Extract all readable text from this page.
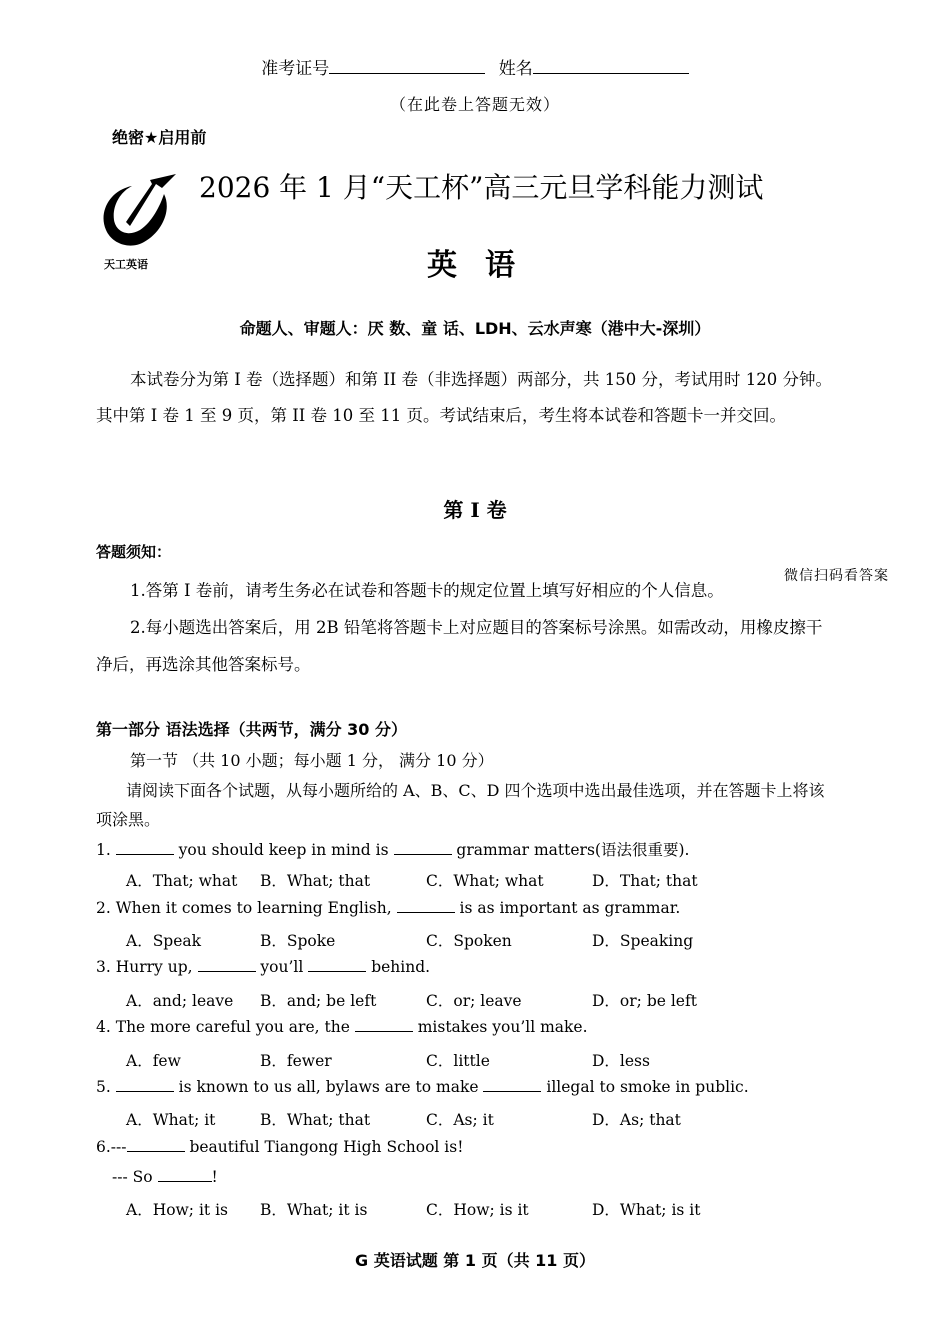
准考证号	姓名
（在此卷上答题无效）
绝密★启用前
天工英语
2026 年 1 月“天工杯”高三元旦学科能力测试
英语
命题人、审题人：厌 数、童 话、LDH、云水声寒（港中大-深圳）
本试卷分为第 I 卷（选择题）和第 II 卷（非选择题）两部分，共 150 分，考试用时 120 分钟。
其中第 I 卷 1 至 9 页，第 II 卷 10 至 11 页。考试结束后，考生将本试卷和答题卡一并交回。
第 I 卷
答题须知：
微信扫码看答案
1.答第 I 卷前，请考生务必在试卷和答题卡的规定位置上填写好相应的个人信息。
2.每小题选出答案后，用 2B 铅笔将答题卡上对应题目的答案标号涂黑。如需改动，用橡皮擦干
净后，再选涂其他答案标号。
第一部分 语法选择（共两节，满分 30 分）
第一节 （共 10 小题；每小题 1 分， 满分 10 分）
请阅读下面各个试题，从每小题所给的 A、B、C、D 四个选项中选出最佳选项，并在答题卡上将该
项涂黑。
1.	you should keep in mind is	grammar matters(语法很重要).
A．That; what B．What; that	C．What; what	D．That; that
2. When it comes to learning English,	is as important as grammar.
A．Speak	B．Spoke	C．Spoken	D．Speaking
3. Hurry up,	you’ll	behind.
A．and; leave B．and; be left	C．or; leave	D．or; be left
4. The more careful you are, the	mistakes you’ll make.
A．few	B．fewer	C．little	D．less
5.	is known to us all, bylaws are to make	illegal to smoke in public.
A．What; it	B．What; that	C．As; it	D．As; that
6.---	beautiful Tiangong High School is!
--- So	!
A．How; it is B．What; it is	C．How; is it	D．What; is it
G 英语试题 第 1 页（共 11 页）
